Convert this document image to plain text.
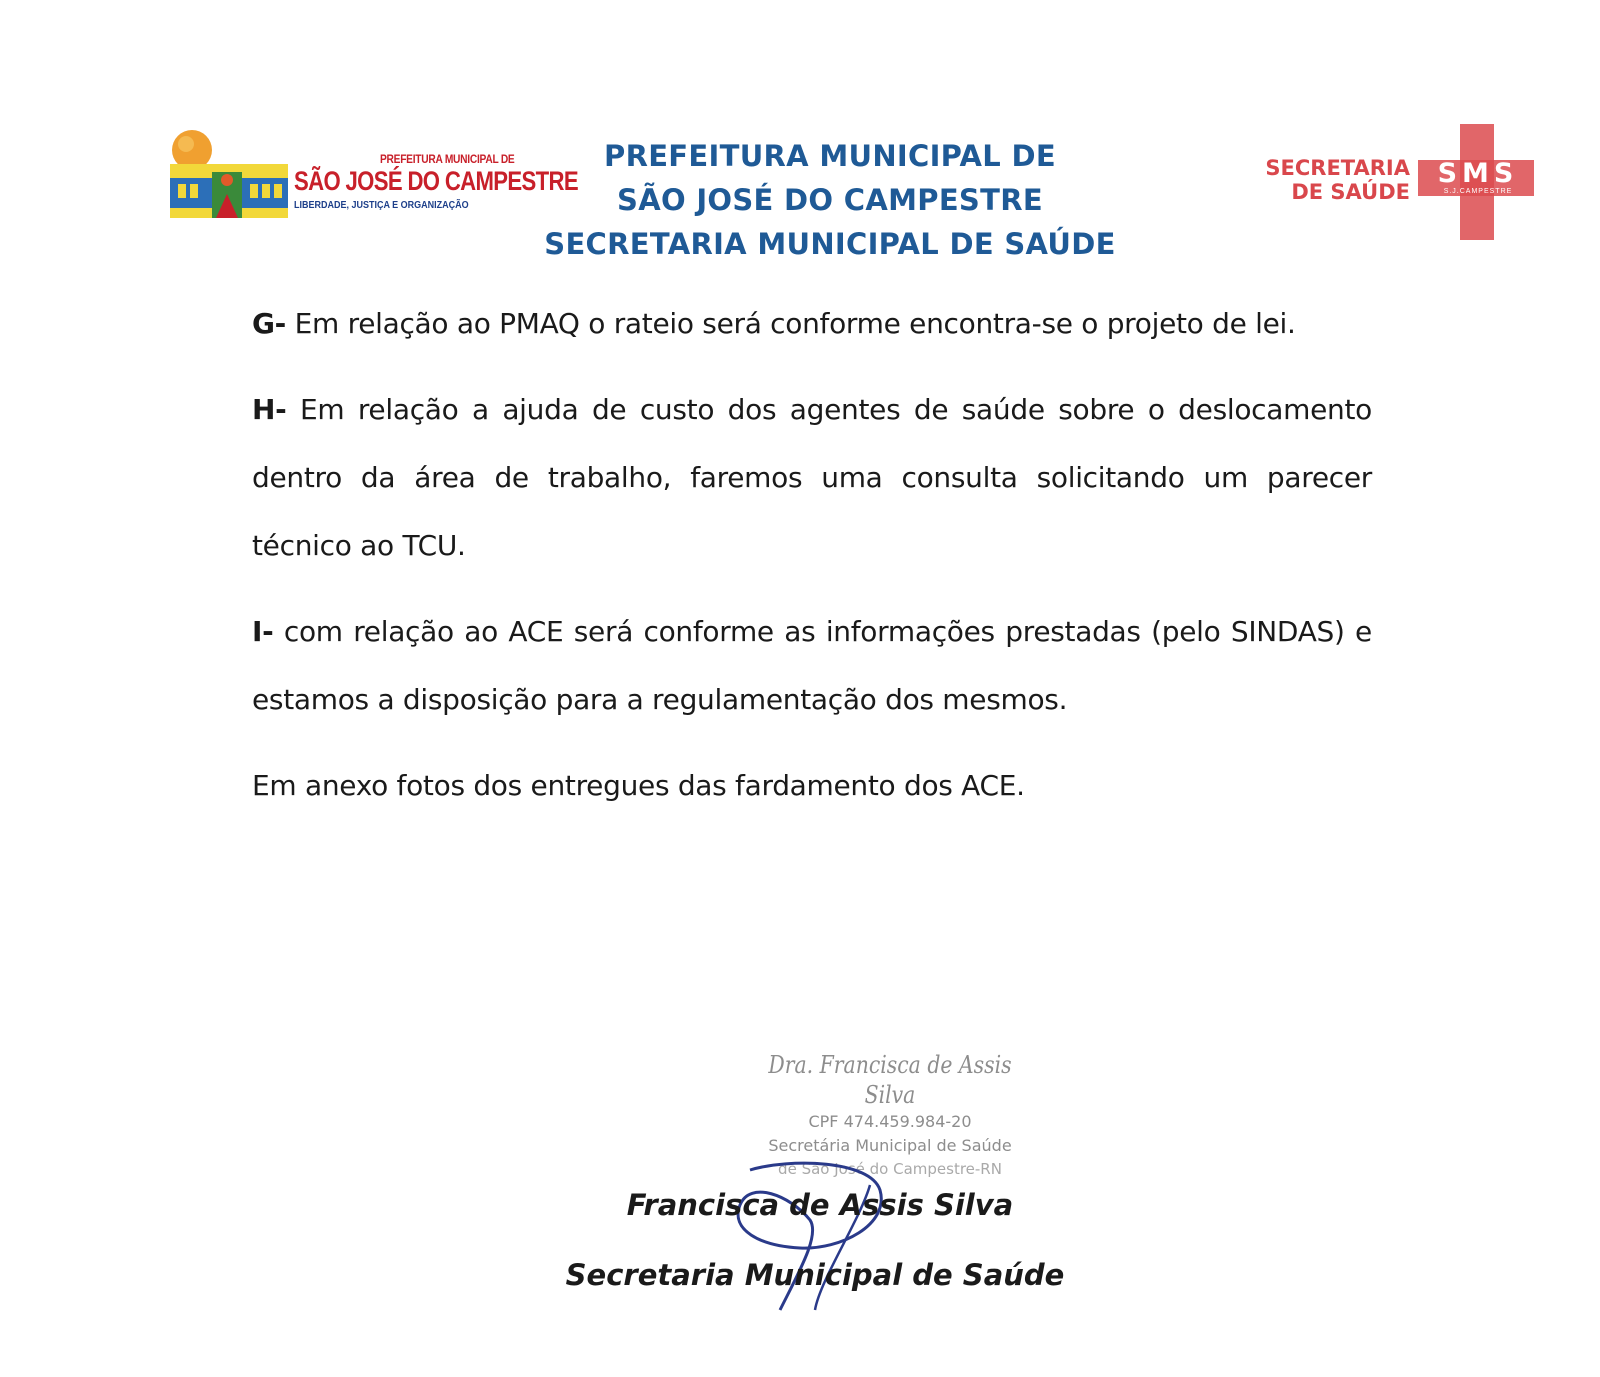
PREFEITURA MUNICIPAL DE
SÃO JOSÉ DO CAMPESTRE
LIBERDADE, JUSTIÇA E ORGANIZAÇÃO
PREFEITURA MUNICIPAL DE
SÃO JOSÉ DO CAMPESTRE
SECRETARIA MUNICIPAL DE SAÚDE
SMS
S.J.CAMPESTRE
SECRETARIA
DE SAÚDE

G- Em relação ao PMAQ o rateio será conforme encontra-se o projeto de lei.

H- Em relação a ajuda de custo dos agentes de saúde sobre o deslocamento dentro da área de trabalho, faremos uma consulta solicitando um parecer técnico ao TCU.

I- com relação ao ACE será conforme as informações prestadas (pelo SINDAS) e estamos a disposição para a regulamentação dos mesmos.

Em anexo fotos dos entregues das fardamento dos ACE.

Dra. Francisca de Assis Silva
CPF 474.459.984-20
Secretária Municipal de Saúde
de São José do Campestre-RN
Francisca de Assis Silva
Secretaria Municipal de Saúde
